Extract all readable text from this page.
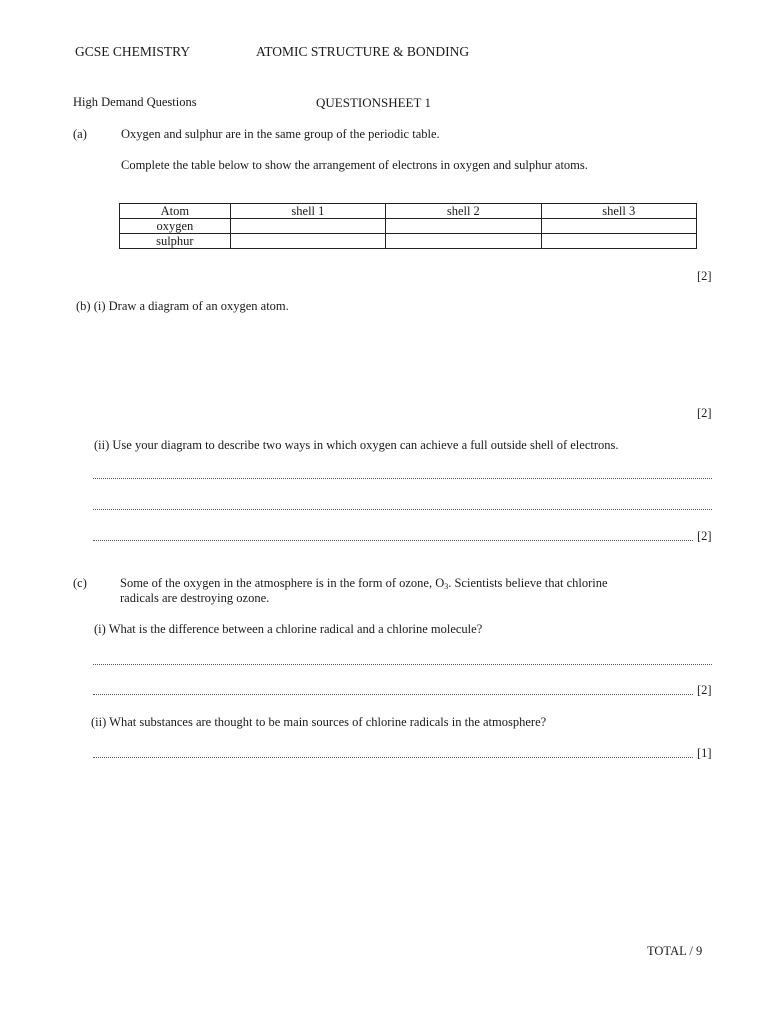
GCSE CHEMISTRY	ATOMIC STRUCTURE & BONDING
High Demand Questions	QUESTIONSHEET 1
(a)	Oxygen and sulphur are in the same group of the periodic table.
Complete the table below to show the arrangement of electrons in oxygen and sulphur atoms.
Atom	shell 1	shell 2	shell 3
oxygen			
sulphur			
[2]
(b) (i) Draw a diagram of an oxygen atom.
[2]
(ii) Use your diagram to describe two ways in which oxygen can achieve a full outside shell of electrons.
[2]
(c)	Some of the oxygen in the atmosphere is in the form of ozone, $O_3$. Scientists believe that chlorine
radicals are destroying ozone.
(i) What is the difference between a chlorine radical and a chlorine molecule?
[2]
(ii) What substances are thought to be main sources of chlorine radicals in the atmosphere?
[1]
TOTAL / 9
